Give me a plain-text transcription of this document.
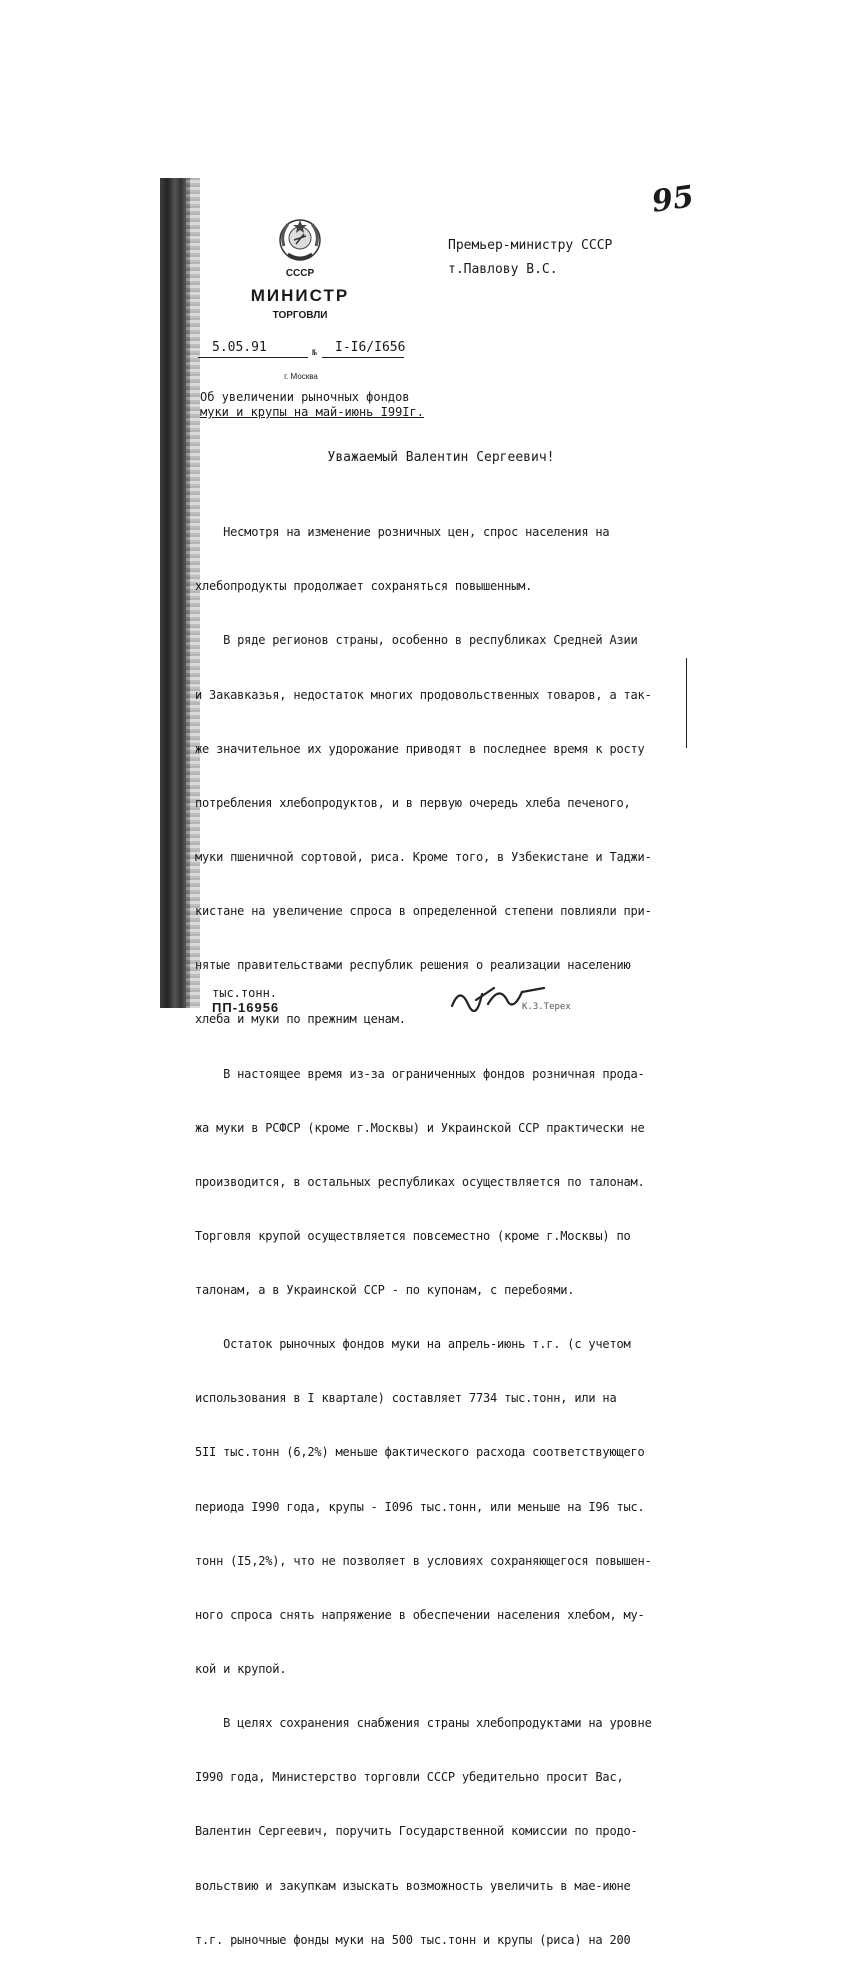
95
СССР
МИНИСТР
ТОРГОВЛИ
Премьер-министру СССР
т.Павлову В.С.
5.05.91	№ I-I6/I656
г. Москва
Об увеличении рыночных фондов
муки и крупы на май-июнь I99Iг.
Уважаемый Валентин Сергеевич!

Несмотря на изменение розничных цен, спрос населения на

хлебопродукты продолжает сохраняться повышенным.

В ряде регионов страны, особенно в республиках Средней Азии

и Закавказья, недостаток многих продовольственных товаров, а так-

же значительное их удорожание приводят в последнее время к росту

потребления хлебопродуктов, и в первую очередь хлеба печеного,

муки пшеничной сортовой, риса. Кроме того, в Узбекистане и Таджи-

кистане на увеличение спроса в определенной степени повлияли при-

нятые правительствами республик решения о реализации населению

хлеба и муки по прежним ценам.

В настоящее время из-за ограниченных фондов розничная прода-

жа муки в РСФСР (кроме г.Москвы) и Украинской ССР практически не

производится, в остальных республиках осуществляется по талонам.

Торговля крупой осуществляется повсеместно (кроме г.Москвы) по

талонам, а в Украинской ССР - по купонам, с перебоями.

Остаток рыночных фондов муки на апрель-июнь т.г. (с учетом

использования в I квартале) составляет 7734 тыс.тонн, или на

5II тыс.тонн (6,2%) меньше фактического расхода соответствующего

периода I990 года, крупы - I096 тыс.тонн, или меньше на I96 тыс.

тонн (I5,2%), что не позволяет в условиях сохраняющегося повышен-

ного спроса снять напряжение в обеспечении населения хлебом, му-

кой и крупой.

В целях сохранения снабжения страны хлебопродуктами на уровне

I990 года, Министерство торговли СССР убедительно просит Вас,

Валентин Сергеевич, поручить Государственной комиссии по продо-

вольствию и закупкам изыскать возможность увеличить в мае-июне

т.г. рыночные фонды муки на 500 тыс.тонн и крупы (риса) на 200

тыс.тонн.
ПП-16956	К.З.Терех
